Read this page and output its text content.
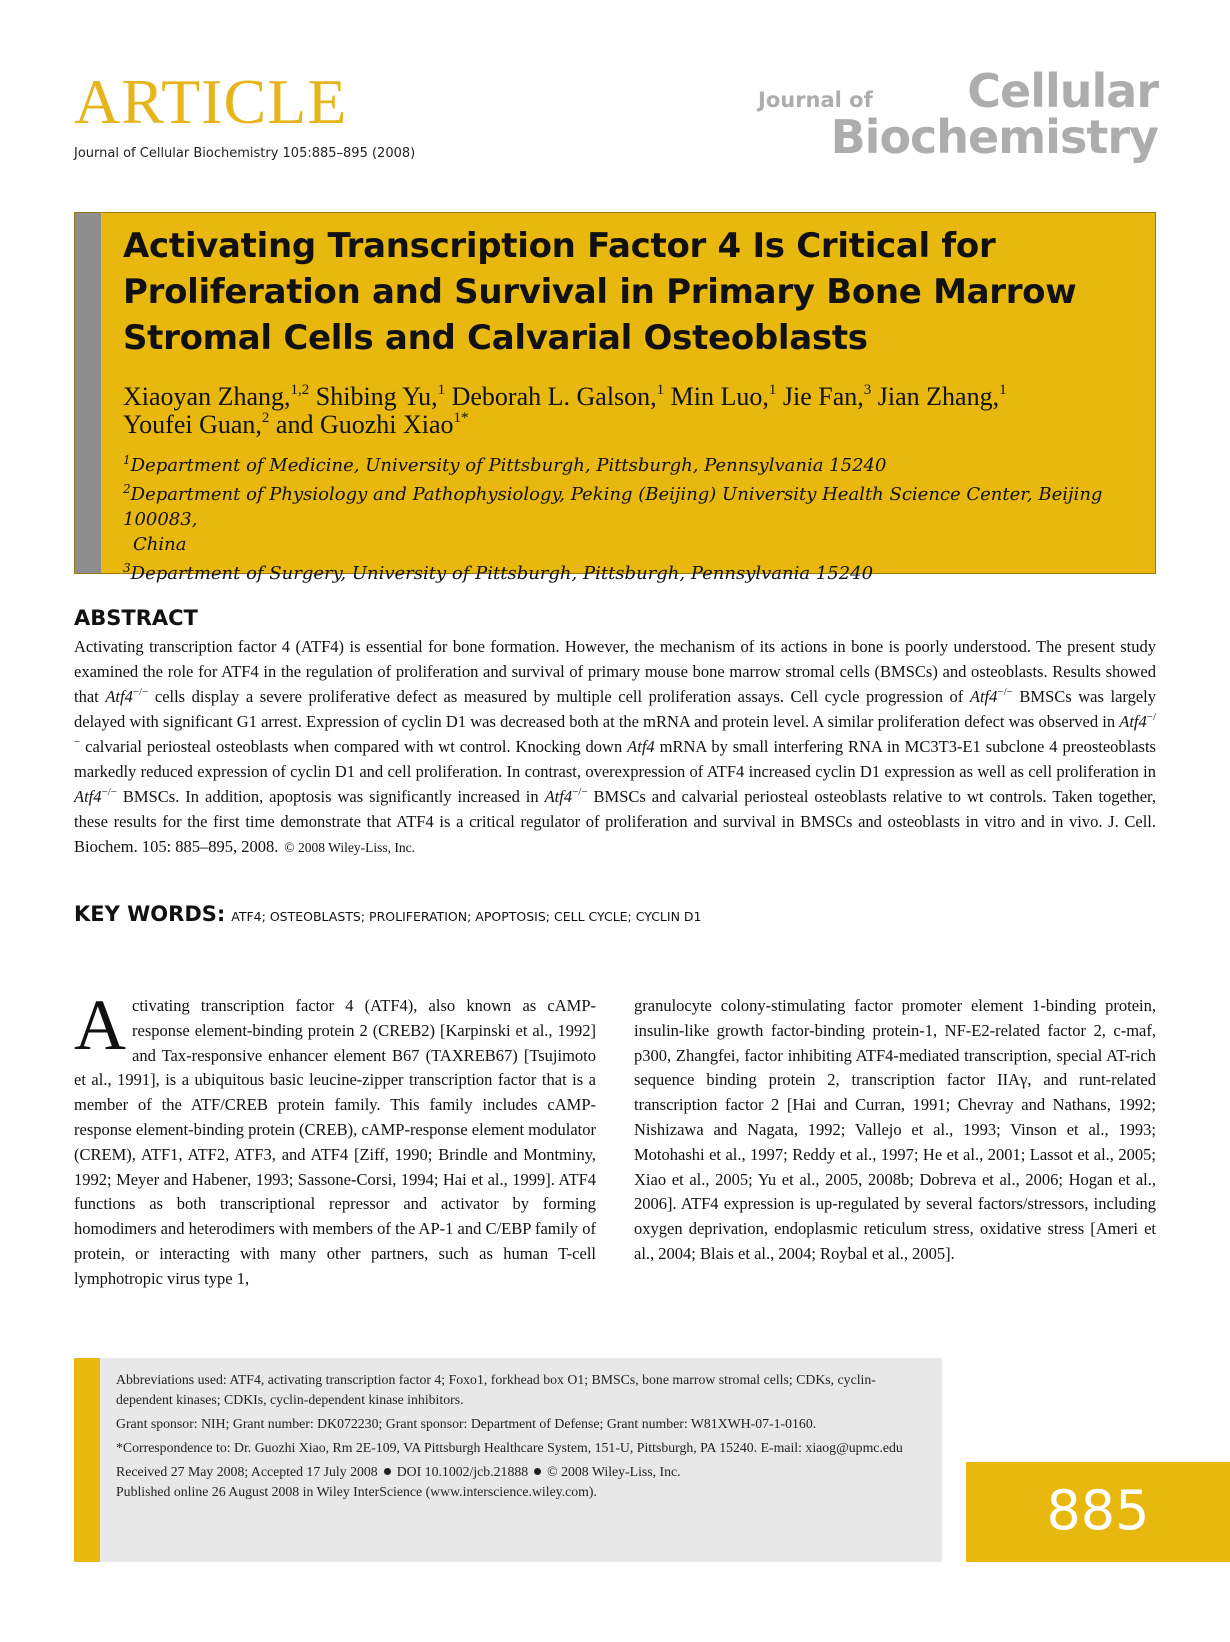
ARTICLE
Journal of Cellular Biochemistry 105:885–895 (2008)
Journal of Cellular
Biochemistry
Activating Transcription Factor 4 Is Critical for
Proliferation and Survival in Primary Bone Marrow
Stromal Cells and Calvarial Osteoblasts

Xiaoyan Zhang,$^{1,2}$ Shibing Yu,$^1$ Deborah L. Galson,$^1$ Min Luo,$^1$ Jie Fan,$^3$ Jian Zhang,$^1$
Youfei Guan,$^2$ and Guozhi Xiao$^{1*}$

$^1$Department of Medicine, University of Pittsburgh, Pittsburgh, Pennsylvania 15240

$^2$Department of Physiology and Pathophysiology, Peking (Beijing) University Health Science Center, Beijing 100083,
China

$^3$Department of Surgery, University of Pittsburgh, Pittsburgh, Pennsylvania 15240

ABSTRACT
Activating transcription factor 4 (ATF4) is essential for bone formation. However, the mechanism of its actions in bone is poorly understood. The present study examined the role for ATF4 in the regulation of proliferation and survival of primary mouse bone marrow stromal cells (BMSCs) and osteoblasts. Results showed that Atf4−/− cells display a severe proliferative defect as measured by multiple cell proliferation assays. Cell cycle progression of Atf4−/− BMSCs was largely delayed with significant G1 arrest. Expression of cyclin D1 was decreased both at the mRNA and protein level. A similar proliferation defect was observed in Atf4−/− calvarial periosteal osteoblasts when compared with wt control. Knocking down Atf4 mRNA by small interfering RNA in MC3T3-E1 subclone 4 preosteoblasts markedly reduced expression of cyclin D1 and cell proliferation. In contrast, overexpression of ATF4 increased cyclin D1 expression as well as cell proliferation in Atf4−/− BMSCs. In addition, apoptosis was significantly increased in Atf4−/− BMSCs and calvarial periosteal osteoblasts relative to wt controls. Taken together, these results for the first time demonstrate that ATF4 is a critical regulator of proliferation and survival in BMSCs and osteoblasts in vitro and in vivo. J. Cell. Biochem. 105: 885–895, 2008. © 2008 Wiley-Liss, Inc.
KEY WORDS: ATF4; OSTEOBLASTS; PROLIFERATION; APOPTOSIS; CELL CYCLE; CYCLIN D1
Activating transcription factor 4 (ATF4), also known as cAMP-response element-binding protein 2 (CREB2) [Karpinski et al., 1992] and Tax-responsive enhancer element B67 (TAXREB67) [Tsujimoto et al., 1991], is a ubiquitous basic leucine-zipper transcription factor that is a member of the ATF/CREB protein family. This family includes cAMP-response element-binding protein (CREB), cAMP-response element modulator (CREM), ATF1, ATF2, ATF3, and ATF4 [Ziff, 1990; Brindle and Montminy, 1992; Meyer and Habener, 1993; Sassone-Corsi, 1994; Hai et al., 1999]. ATF4 functions as both transcriptional repressor and activator by forming homodimers and heterodimers with members of the AP-1 and C/EBP family of protein, or interacting with many other partners, such as human T-cell lymphotropic virus type 1,
granulocyte colony-stimulating factor promoter element 1-binding protein, insulin-like growth factor-binding protein-1, NF-E2-related factor 2, c-maf, p300, Zhangfei, factor inhibiting ATF4-mediated transcription, special AT-rich sequence binding protein 2, transcription factor IIAγ, and runt-related transcription factor 2 [Hai and Curran, 1991; Chevray and Nathans, 1992; Nishizawa and Nagata, 1992; Vallejo et al., 1993; Vinson et al., 1993; Motohashi et al., 1997; Reddy et al., 1997; He et al., 2001; Lassot et al., 2005; Xiao et al., 2005; Yu et al., 2005, 2008b; Dobreva et al., 2006; Hogan et al., 2006]. ATF4 expression is up-regulated by several factors/stressors, including oxygen deprivation, endoplasmic reticulum stress, oxidative stress [Ameri et al., 2004; Blais et al., 2004; Roybal et al., 2005].

Abbreviations used: ATF4, activating transcription factor 4; Foxo1, forkhead box O1; BMSCs, bone marrow stromal cells; CDKs, cyclin-dependent kinases; CDKIs, cyclin-dependent kinase inhibitors.

Grant sponsor: NIH; Grant number: DK072230; Grant sponsor: Department of Defense; Grant number: W81XWH-07-1-0160.

*Correspondence to: Dr. Guozhi Xiao, Rm 2E-109, VA Pittsburgh Healthcare System, 151-U, Pittsburgh, PA 15240. E-mail: xiaog@upmc.edu

Received 27 May 2008; Accepted 17 July 2008 DOI 10.1002/jcb.21888 © 2008 Wiley-Liss, Inc.

Published online 26 August 2008 in Wiley InterScience (www.interscience.wiley.com).	885
